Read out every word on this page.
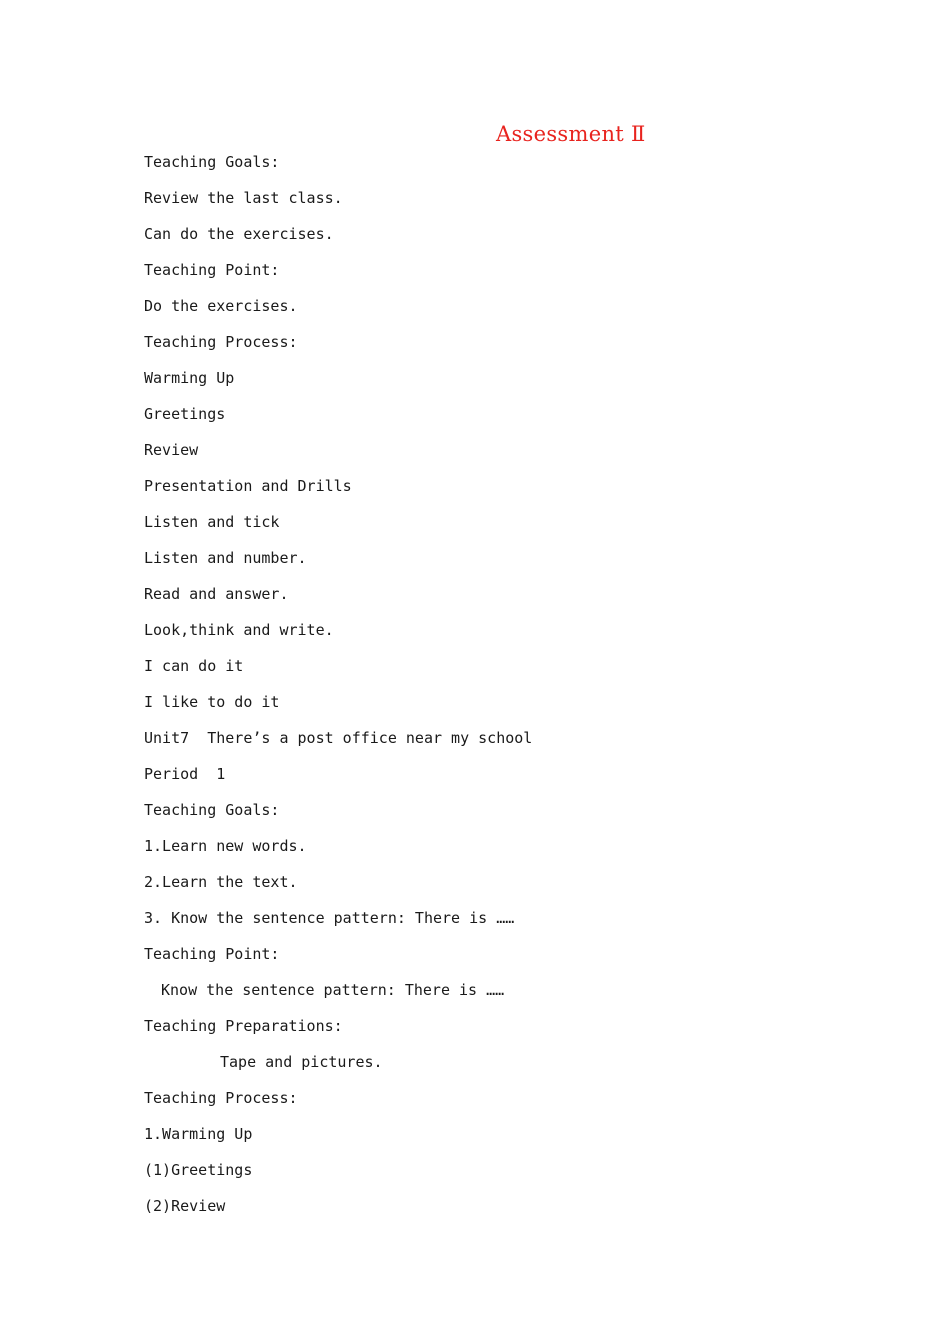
Assessment Ⅱ
Teaching Goals:
Review the last class.
Can do the exercises.
Teaching Point:
Do the exercises.
Teaching Process:
Warming Up
Greetings
Review
Presentation and Drills
Listen and tick
Listen and number.
Read and answer.
Look,think and write.
I can do it
I like to do it
Unit7  There’s a post office near my school
Period  1
Teaching Goals:
1.Learn new words.
2.Learn the text.
3. Know the sentence pattern: There is ……
Teaching Point:
Know the sentence pattern: There is ……
Teaching Preparations:
Tape and pictures.
Teaching Process:
1.Warming Up
(1)Greetings
(2)Review
